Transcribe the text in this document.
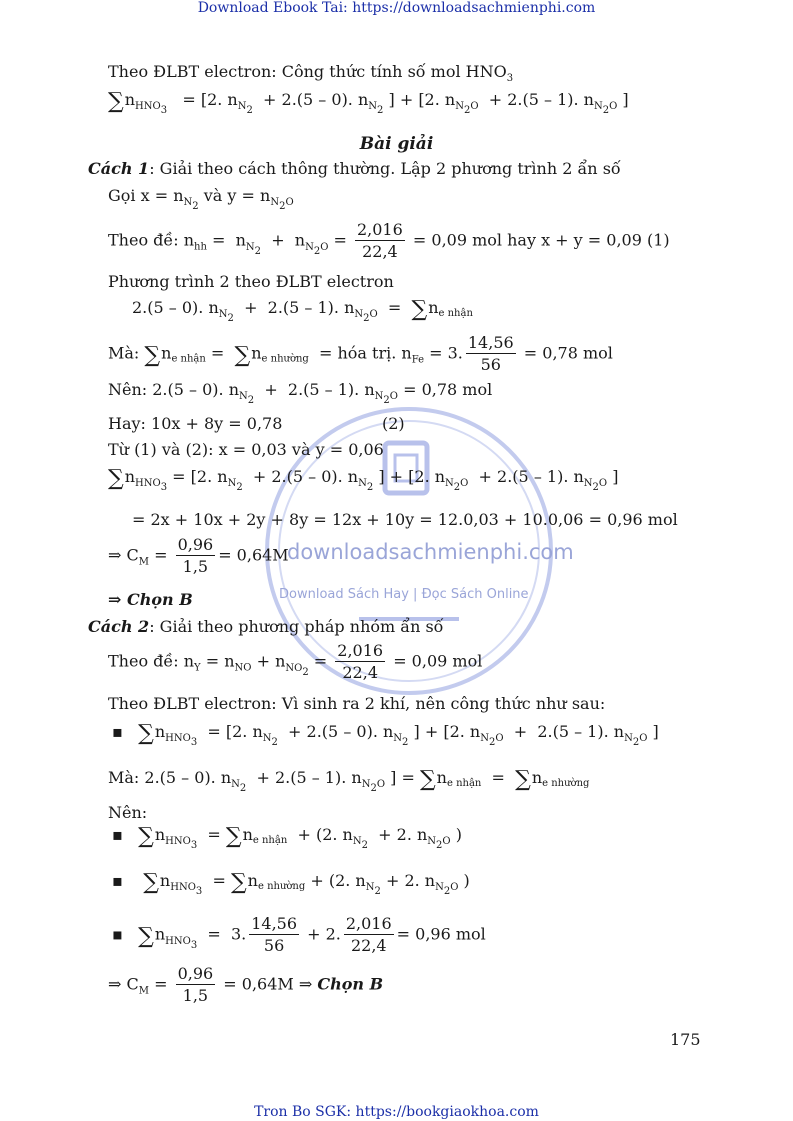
Download Ebook Tai: https://downloadsachmienphi.com
downloadsachmienphi.com
Download Sách Hay | Đọc Sách Online
Theo ĐLBT electron: Công thức tính số mol $HNO_3$
$\sum n_{HNO3} = [2$. $n_{N2} + 2.(5 - 0)$. $n_{N2}$ ] + [2. $n_{N2O} + 2.(5 - 1)$. $n_{N2O}$ ]
Bài giải
Cách 1: Giải theo cách thông thường. Lập 2 phương trình 2 ẩn số
Gọi $x = n_{N2}$ và $y = n_{N2O}$
Theo đề: $n_{hh} = n_{N2} + n_{N2O} = \frac{2,016}{22,4} = 0,09$ mol hay x + y = 0,09 (1)
Phương trình 2 theo ĐLBT electron
2.(5 – 0). $n_{N2} + 2.(5 - 1)$. $n_{N2O} = \sum ne$ nhận
Mà: ∑ne nhận =  ∑ne nhường = hóa trị. $n_{Fe} = 3$. $\frac{14,56}{56} = 0,78$ mol
Nên: 2.(5 – 0). $n_{N2} + 2.(5 - 1)$. $n_{N2O} = 0,78$ mol
Hay: 10x + 8y = 0,78	(2)
Từ (1) và (2): x = 0,03 và y = 0,06
$\sum n_{HNO3} = [2$. $n_{N2} + 2.(5 - 0)$. $n_{N2}$ ] + [2. $n_{N2O} + 2.(5 - 1)$. $n_{N2O}$ ]
= 2x + 10x + 2y + 8y = 12x + 10y = 12.0,03 + 10.0,06 = 0,96 mol
⇒ $C_M = \frac{0,96}{1,5} = 0,64M$
⇒ Chọn B
Cách 2: Giải theo phương pháp nhóm ẩn số
Theo đề: $n_Y = n_{NO} + n_{NO2} = \frac{2,016}{22,4} = 0,09$ mol
Theo ĐLBT electron: Vì sinh ra 2 khí, nên công thức như sau:
▪   $\sum n_{HNO3} = [2$. $n_{N2} + 2.(5 - 0)$. $n_{N2}$ ] + [2. $n_{N2O} + 2.(5 - 1)$. $n_{N2O}$ ]
Mà: 2.(5 – 0). $n_{N2} + 2.(5 - 1)$. $n_{N2O}$ ] = ∑ne nhận  =  ∑ne nhường
Nên:
▪   $\sum n_{HNO3} = \sum ne$ nhận  + (2. $n_{N2} + 2$. $n_{N2O}$ )
▪    $\sum n_{HNO3} = \sum ne$ nhường + (2. $n_{N2} + 2$. $n_{N2O}$ )
▪   $\sum n_{HNO3} = 3$. $\frac{14,56}{56} + 2$. $\frac{2,016}{22,4} = 0,96$ mol
⇒ $C_M = \frac{0,96}{1,5} = 0,64M$ ⇒ Chọn B
175
Tron Bo SGK: https://bookgiaokhoa.com
